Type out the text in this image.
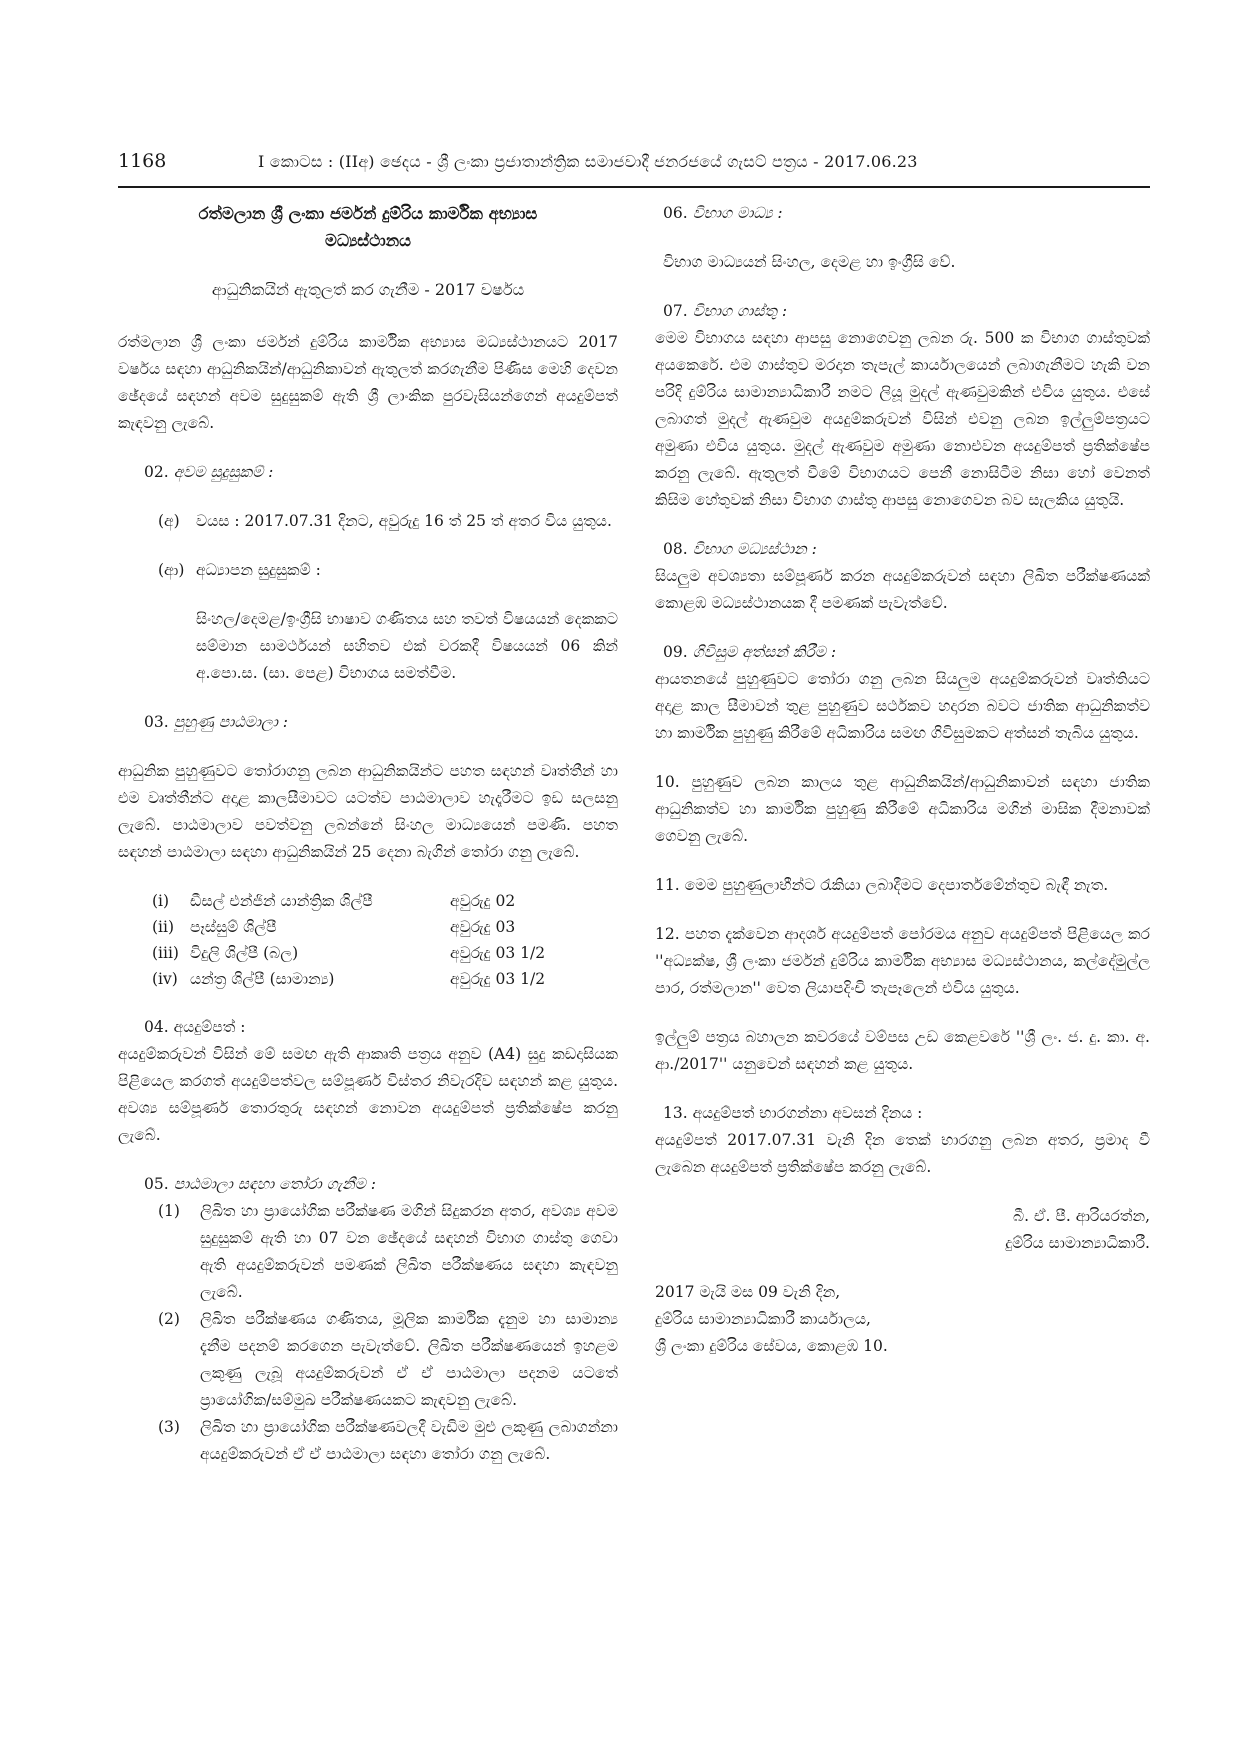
1168	I කොටස : (IIඅ) ඡෙදය - ශ්‍රී ලංකා ප්‍රජාතාන්ත්‍රික සමාජවාදී ජනරජයේ ගැසට් පත්‍රය - 2017.06.23

රත්මලාන ශ්‍රී ලංකා ජර්මන් දුම්රිය කාර්මික අභ්‍යාස

මධ්‍යස්ථානය

ආධුනිකයින් ඇතුලත් කර ගැනීම - 2017 වර්ෂය

රත්මලාන ශ්‍රී ලංකා ජර්මන් දුම්රිය කාර්මික අභ්‍යාස මධ්‍යස්ථානයට 2017 වර්ෂය සඳහා ආධුනිකයින්/ආධුනිකාවන් ඇතුලත් කරගැනීම පිණිස මෙහි දෙවන ඡේදයේ සඳහන් අවම සුදුසුකම් ඇති ශ්‍රී ලාංකික පුරවැසියන්ගෙන් අයදුම්පත් කැඳවනු ලැබේ.

02. අවම සුදුසුකම් :

(අ)	වයස : 2017.07.31 දිනට, අවුරුදු 16 ත් 25 ත් අතර විය යුතුය.
(ආ) අධ්‍යාපන සුදුසුකම් :

සිංහල/දෙමළ/ඉංග්‍රීසි භාෂාව ගණිතය සහ තවත් විෂයයන් දෙකකට සම්මාන සාමර්ථයන් සහිතව එක් වරකදී විෂයයන් 06 කින් අ.පො.ස. (සා. පෙළ) විභාගය සමත්වීම.

03. පුහුණු පාඨමාලා :

ආධුනික පුහුණුවට තෝරාගනු ලබන ආධුනිකයින්ට පහත සඳහන් වෘත්තීන් හා එම වෘත්තීන්ට අදාළ කාලසීමාවට යටත්ව පාඨමාලාව හැදෑරීමට ඉඩ සලසනු ලැබේ. පාඨමාලාව පවත්වනු ලබන්නේ සිංහල මාධ්‍යයෙන් පමණි. පහත සඳහන් පාඨමාලා සඳහා ආධුනිකයින් 25 දෙනා බැගින් තෝරා ගනු ලැබේ.

(i)	ඩීසල් එන්ජින් යාන්ත්‍රික ශිල්පී	අවුරුදු 02
(ii)	පෑස්සුම් ශිල්පී	අවුරුදු 03
(iii)	විදුලි ශිල්පී (බල)	අවුරුදු 03 1/2
(iv)	යන්ත්‍ර ශිල්පී (සාමාන්‍ය)	අවුරුදු 03 1/2

04. අයදුම්පත් :

අයදුම්කරුවන් විසින් මේ සමඟ ඇති ආකෘති පත්‍රය අනුව (A4) සුදු කඩදාසියක පිළියෙල කරගත් අයදුම්පත්වල සම්පූර්ණ විස්තර නිවැරදිව සඳහන් කළ යුතුය. අවශ්‍ය සම්පූර්ණ තොරතුරු සඳහන් නොවන අයදුම්පත් ප්‍රතික්ෂේප කරනු ලැබේ.

05. පාඨමාලා සඳහා තෝරා ගැනීම :

(1)	ලිඛිත හා ප්‍රායෝගික පරීක්ෂණ මගින් සිදුකරන අතර, අවශ්‍ය අවම සුදුසුකම් ඇති හා 07 වන ඡේදයේ සඳහන් විභාග ගාස්තු ගෙවා ඇති අයදුම්කරුවන් පමණක් ලිඛිත පරීක්ෂණය සඳහා කැඳවනු ලැබේ.
(2)	ලිඛිත පරීක්ෂණය ගණිතය, මූලික කාර්මික දැනුම හා සාමාන්‍ය දැනීම පදනම් කරගෙන පැවැත්වේ. ලිඛිත පරීක්ෂණයෙන් ඉහළම ලකුණු ලැබූ අයදුම්කරුවන් ඒ ඒ පාඨමාලා පදනම යටතේ ප්‍රායෝගික/සම්මුඛ පරීක්ෂණයකට කැඳවනු ලැබේ.
(3)	ලිඛිත හා ප්‍රායෝගික පරීක්ෂණවලදී වැඩිම මුළු ලකුණු ලබාගන්නා අයදුම්කරුවන් ඒ ඒ පාඨමාලා සඳහා තෝරා ගනු ලැබේ.

06. විභාග මාධ්‍ය :

විභාග මාධ්‍යයන් සිංහල, දෙමළ හා ඉංග්‍රීසි වේ.

07. විභාග ගාස්තු :

මෙම විභාගය සඳහා ආපසු නොගෙවනු ලබන රු. 500 ක විභාග ගාස්තුවක් අයකෙරේ. එම ගාස්තුව මරදාන තැපැල් කාර්යාලයෙන් ලබාගැනීමට හැකි වන පරිදි දුම්රිය සාමාන්‍යාධිකාරී නමට ලියූ මුදල් ඇණවුමකින් එවිය යුතුය. එසේ ලබාගත් මුදල් ඇණවුම අයදුම්කරුවන් විසින් එවනු ලබන ඉල්ලුම්පත්‍රයට අමුණා එවිය යුතුය. මුදල් ඇණවුම අමුණා නොඑවන අයදුම්පත් ප්‍රතික්ෂේප කරනු ලැබේ. ඇතුලත් වීමේ විභාගයට පෙනී නොසිටීම නිසා හෝ වෙනත් කිසිම හේතුවක් නිසා විභාග ගාස්තු ආපසු නොගෙවන බව සැලකිය යුතුයි.

08. විභාග මධ්‍යස්ථාන :

සියලුම අවශ්‍යතා සම්පූර්ණ කරන අයදුම්කරුවන් සඳහා ලිඛිත පරීක්ෂණයක් කොළඹ මධ්‍යස්ථානයක දී පමණක් පැවැත්වේ.

09. ගිවිසුම අත්සන් කිරීම :

ආයතනයේ පුහුණුවට තෝරා ගනු ලබන සියලුම අයදුම්කරුවන් වෘත්තියට අදාළ කාල සීමාවන් තුළ පුහුණුව සර්ථකව හදාරන බවට ජාතික ආධුනිකත්ව හා කාර්මික පුහුණු කිරීමේ අධිකාරිය සමඟ ගිවිසුමකට අත්සන් තැබිය යුතුය.

10. පුහුණුව ලබන කාලය තුළ ආධුනිකයින්/ආධුනිකාවන් සඳහා ජාතික ආධුනිකත්ව හා කාර්මික පුහුණු කිරීමේ අධිකාරිය මගින් මාසික දීමනාවක් ගෙවනු ලැබේ.

11. මෙම පුහුණුලාභීන්ට රැකියා ලබාදීමට දෙපාර්තමේන්තුව බැඳී නැත.

12. පහත දැක්වෙන ආදර්ශ අයදුම්පත් පෝරමය අනුව අයදුම්පත් පිළියෙල කර ''අධ්‍යක්ෂ, ශ්‍රී ලංකා ජර්මන් දුම්රිය කාර්මික අභ්‍යාස මධ්‍යස්ථානය, කල්දේමුල්ල පාර, රත්මලාන'' වෙත ලියාපදිංචි තැපෑලෙන් එවිය යුතුය.

ඉල්ලුම් පත්‍රය බහාලන කවරයේ වම්පස උඩ කෙළවරේ ''ශ්‍රී ලං. ජ. දු. කා. අ. ආ./2017'' යනුවෙන් සඳහන් කළ යුතුය.

13. අයදුම්පත් භාරගන්නා අවසන් දිනය :

අයදුම්පත් 2017.07.31 වැනි දින තෙක් භාරගනු ලබන අතර, ප්‍රමාද වී ලැබෙන අයදුම්පත් ප්‍රතික්ෂේප කරනු ලැබේ.

බී. ඒ. පී. ආරියරත්න,

දුම්රිය සාමාන්‍යාධිකාරී.

2017 මැයි මස 09 වැනි දින,

දුම්රිය සාමාන්‍යාධිකාරී කාර්යාලය,

ශ්‍රී ලංකා දුම්රිය සේවය, කොළඹ 10.
